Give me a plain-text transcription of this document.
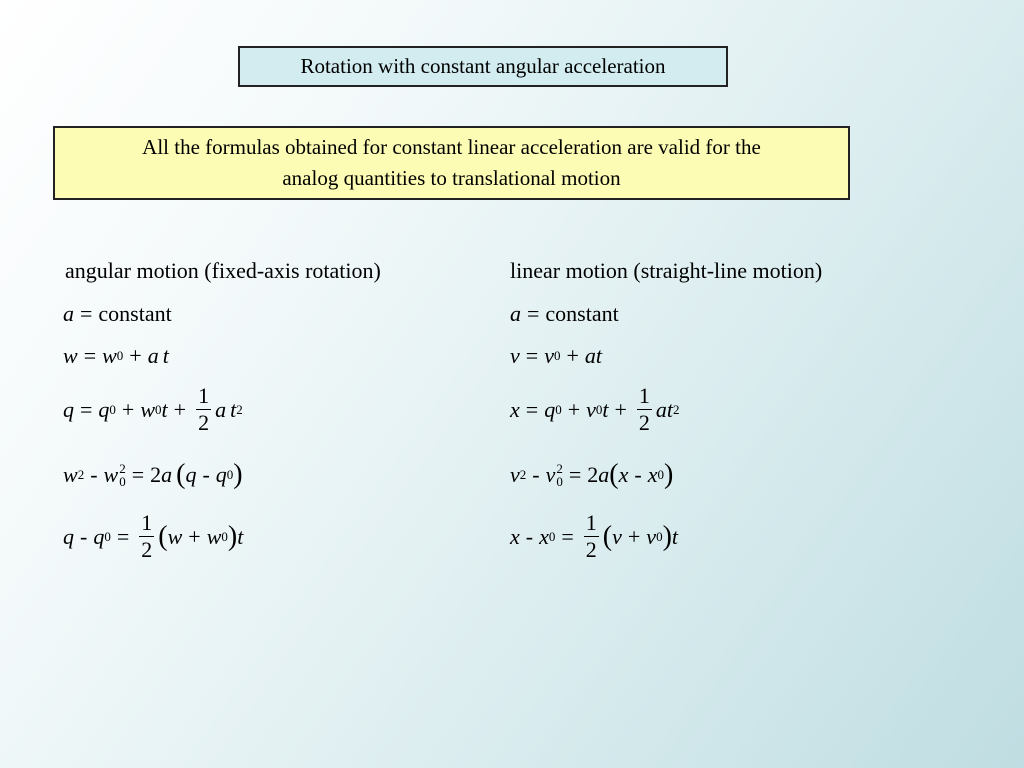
Rotation with constant angular acceleration
All the formulas obtained for constant linear acceleration are valid for the
analog quantities to translational motion
angular motion (fixed-axis rotation)	linear motion (straight-line motion)
a = constant
w = w 0 + a t
q = q 0 + w 0 $t + \frac{1}{2}$ a t 2
w 2 - w 2
0 = 2 a ( q - q 0 )
q - q $0 = \frac{1}{2}$ ( w + w 0 ) t
a = constant
v = v 0 + at
x = q 0 + v 0 $t + \frac{1}{2}$ at 2
v 2 - v 2
0 = 2 a ( x - x 0 )
x - x $0 = \frac{1}{2}$ ( v + v 0 ) t
